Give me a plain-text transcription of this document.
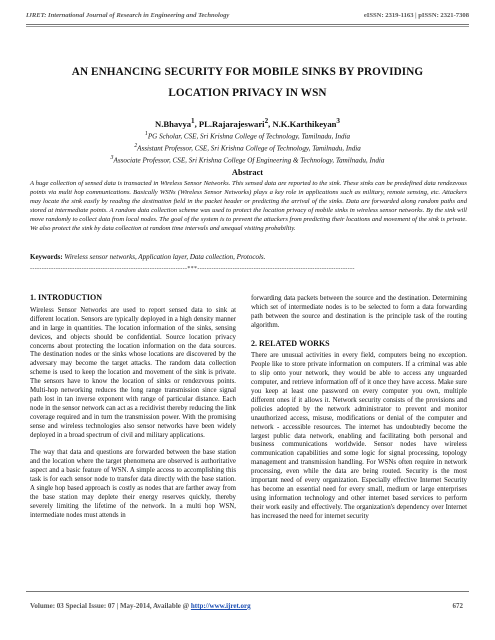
IJRET: International Journal of Research in Engineering and Technology	eISSN: 2319-1163 | pISSN: 2321-7308
AN ENHANCING SECURITY FOR MOBILE SINKS BY PROVIDING
LOCATION PRIVACY IN WSN
N.Bhavya$^1$, PL.Rajarajeswari$^2$, N.K.Karthikeyan$^3$
$^1$PG Scholar, CSE, Sri Krishna College of Technology, Tamilnadu, India
$^2$Assistant Professor, CSE, Sri Krishna College of Technology, Tamilnadu, India
$^3$Associate Professor, CSE, Sri Krishna College Of Engineering & Technology, Tamilnadu, India
Abstract
A huge collection of sensed data is transacted in Wireless Sensor Networks. This sensed data are reported to the sink. These sinks can be predefined data rendezvous points via multi hop communications. Basically WSNs (Wireless Sensor Networks) plays a key role in applications such as military, remote sensing, etc. Attackers may locate the sink easily by reading the destination field in the packet header or predicting the arrival of the sinks. Data are forwarded along random paths and stored at intermediate points. A random data collection scheme was used to protect the location privacy of mobile sinks in wireless sensor networks. By the sink will move randomly to collect data from local nodes. The goal of the system is to prevent the attackers from predicting their locations and movement of the sink is private. We also protect the sink by data collection at random time intervals and unequal visiting probability.
Keywords: Wireless sensor networks, Application layer, Data collection, Protocols.
-------------------------------------------------------------------***-------------------------------------------------------------------
1. INTRODUCTION

Wireless Sensor Networks are used to report sensed data to sink at different location. Sensors are typically deployed in a high density manner and in large in quantities. The location information of the sinks, sensing devices, and objects should be confidential. Source location privacy concerns about protecting the location information on the data sources. The destination nodes or the sinks whose locations are discovered by the adversary may become the target attacks. The random data collection scheme is used to keep the location and movement of the sink is private. The sensors have to know the location of sinks or rendezvous points. Multi-hop networking reduces the long range transmission since signal path lost in tan inverse exponent with range of particular distance. Each node in the sensor network can act as a recidivist thereby reducing the link coverage required and in turn the transmission power. With the promising sense and wireless technologies also sensor networks have been widely deployed in a broad spectrum of civil and military applications.

The way that data and questions are forwarded between the base station and the location where the target phenomena are observed is authoritative aspect and a basic feature of WSN. A simple access to accomplishing this task is for each sensor node to transfer data directly with the base station. A single hop based approach is costly as nodes that are farther away from the base station may deplete their energy reserves quickly, thereby severely limiting the lifetime of the network. In a multi hop WSN, intermediate nodes must attends in

forwarding data packets between the source and the destination. Determining which set of intermediate nodes is to be selected to form a data forwarding path between the source and destination is the principle task of the routing algorithm.

2. RELATED WORKS

There are unusual activities in every field, computers being no exception. People like to store private information on computers. If a criminal was able to slip onto your network, they would be able to access any unguarded computer, and retrieve information off of it once they have access. Make sure you keep at least one password on every computer you own, multiple different ones if it allows it. Network security consists of the provisions and policies adopted by the network administrator to prevent and monitor unauthorized access, misuse, modifications or denial of the computer and network - accessible resources. The internet has undoubtedly become the largest public data network, enabling and facilitating both personal and business communications worldwide. Sensor nodes have wireless communication capabilities and some logic for signal processing, topology management and transmission handling. For WSNs often require in network processing, even while the data are being routed. Security is the most important need of every organization. Especially effective Internet Security has become an essential need for every small, medium or large enterprises using information technology and other internet based services to perform their work easily and effectively. The organization's dependency over Internet has increased the need for internet security

Volume: 03 Special Issue: 07 | May-2014, Available @ http://www.ijret.org	672
